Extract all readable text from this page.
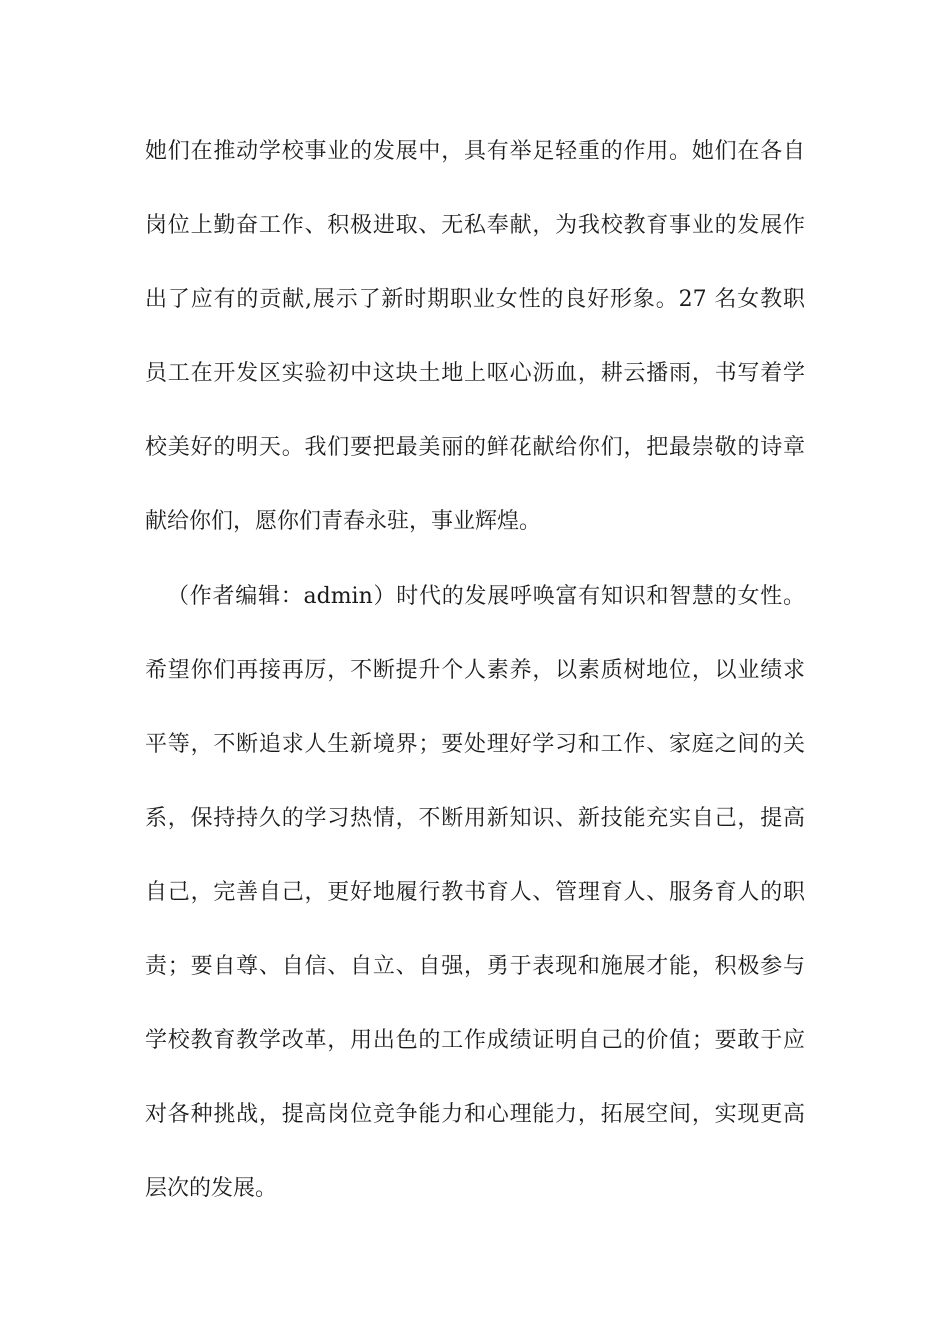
她们在推动学校事业的发展中，具有举足轻重的作用。她们在各自
岗位上勤奋工作、积极进取、无私奉献，为我校教育事业的发展作
出了应有的贡献,展示了新时期职业女性的良好形象。27 名女教职
员工在开发区实验初中这块土地上呕心沥血，耕云播雨，书写着学
校美好的明天。我们要把最美丽的鲜花献给你们，把最崇敬的诗章
献给你们，愿你们青春永驻，事业辉煌。
（作者编辑：admin）时代的发展呼唤富有知识和智慧的女性。
希望你们再接再厉，不断提升个人素养，以素质树地位，以业绩求
平等，不断追求人生新境界；要处理好学习和工作、家庭之间的关
系，保持持久的学习热情，不断用新知识、新技能充实自己，提高
自己，完善自己，更好地履行教书育人、管理育人、服务育人的职
责；要自尊、自信、自立、自强，勇于表现和施展才能，积极参与
学校教育教学改革，用出色的工作成绩证明自己的价值；要敢于应
对各种挑战，提高岗位竞争能力和心理能力，拓展空间，实现更高
层次的发展。
